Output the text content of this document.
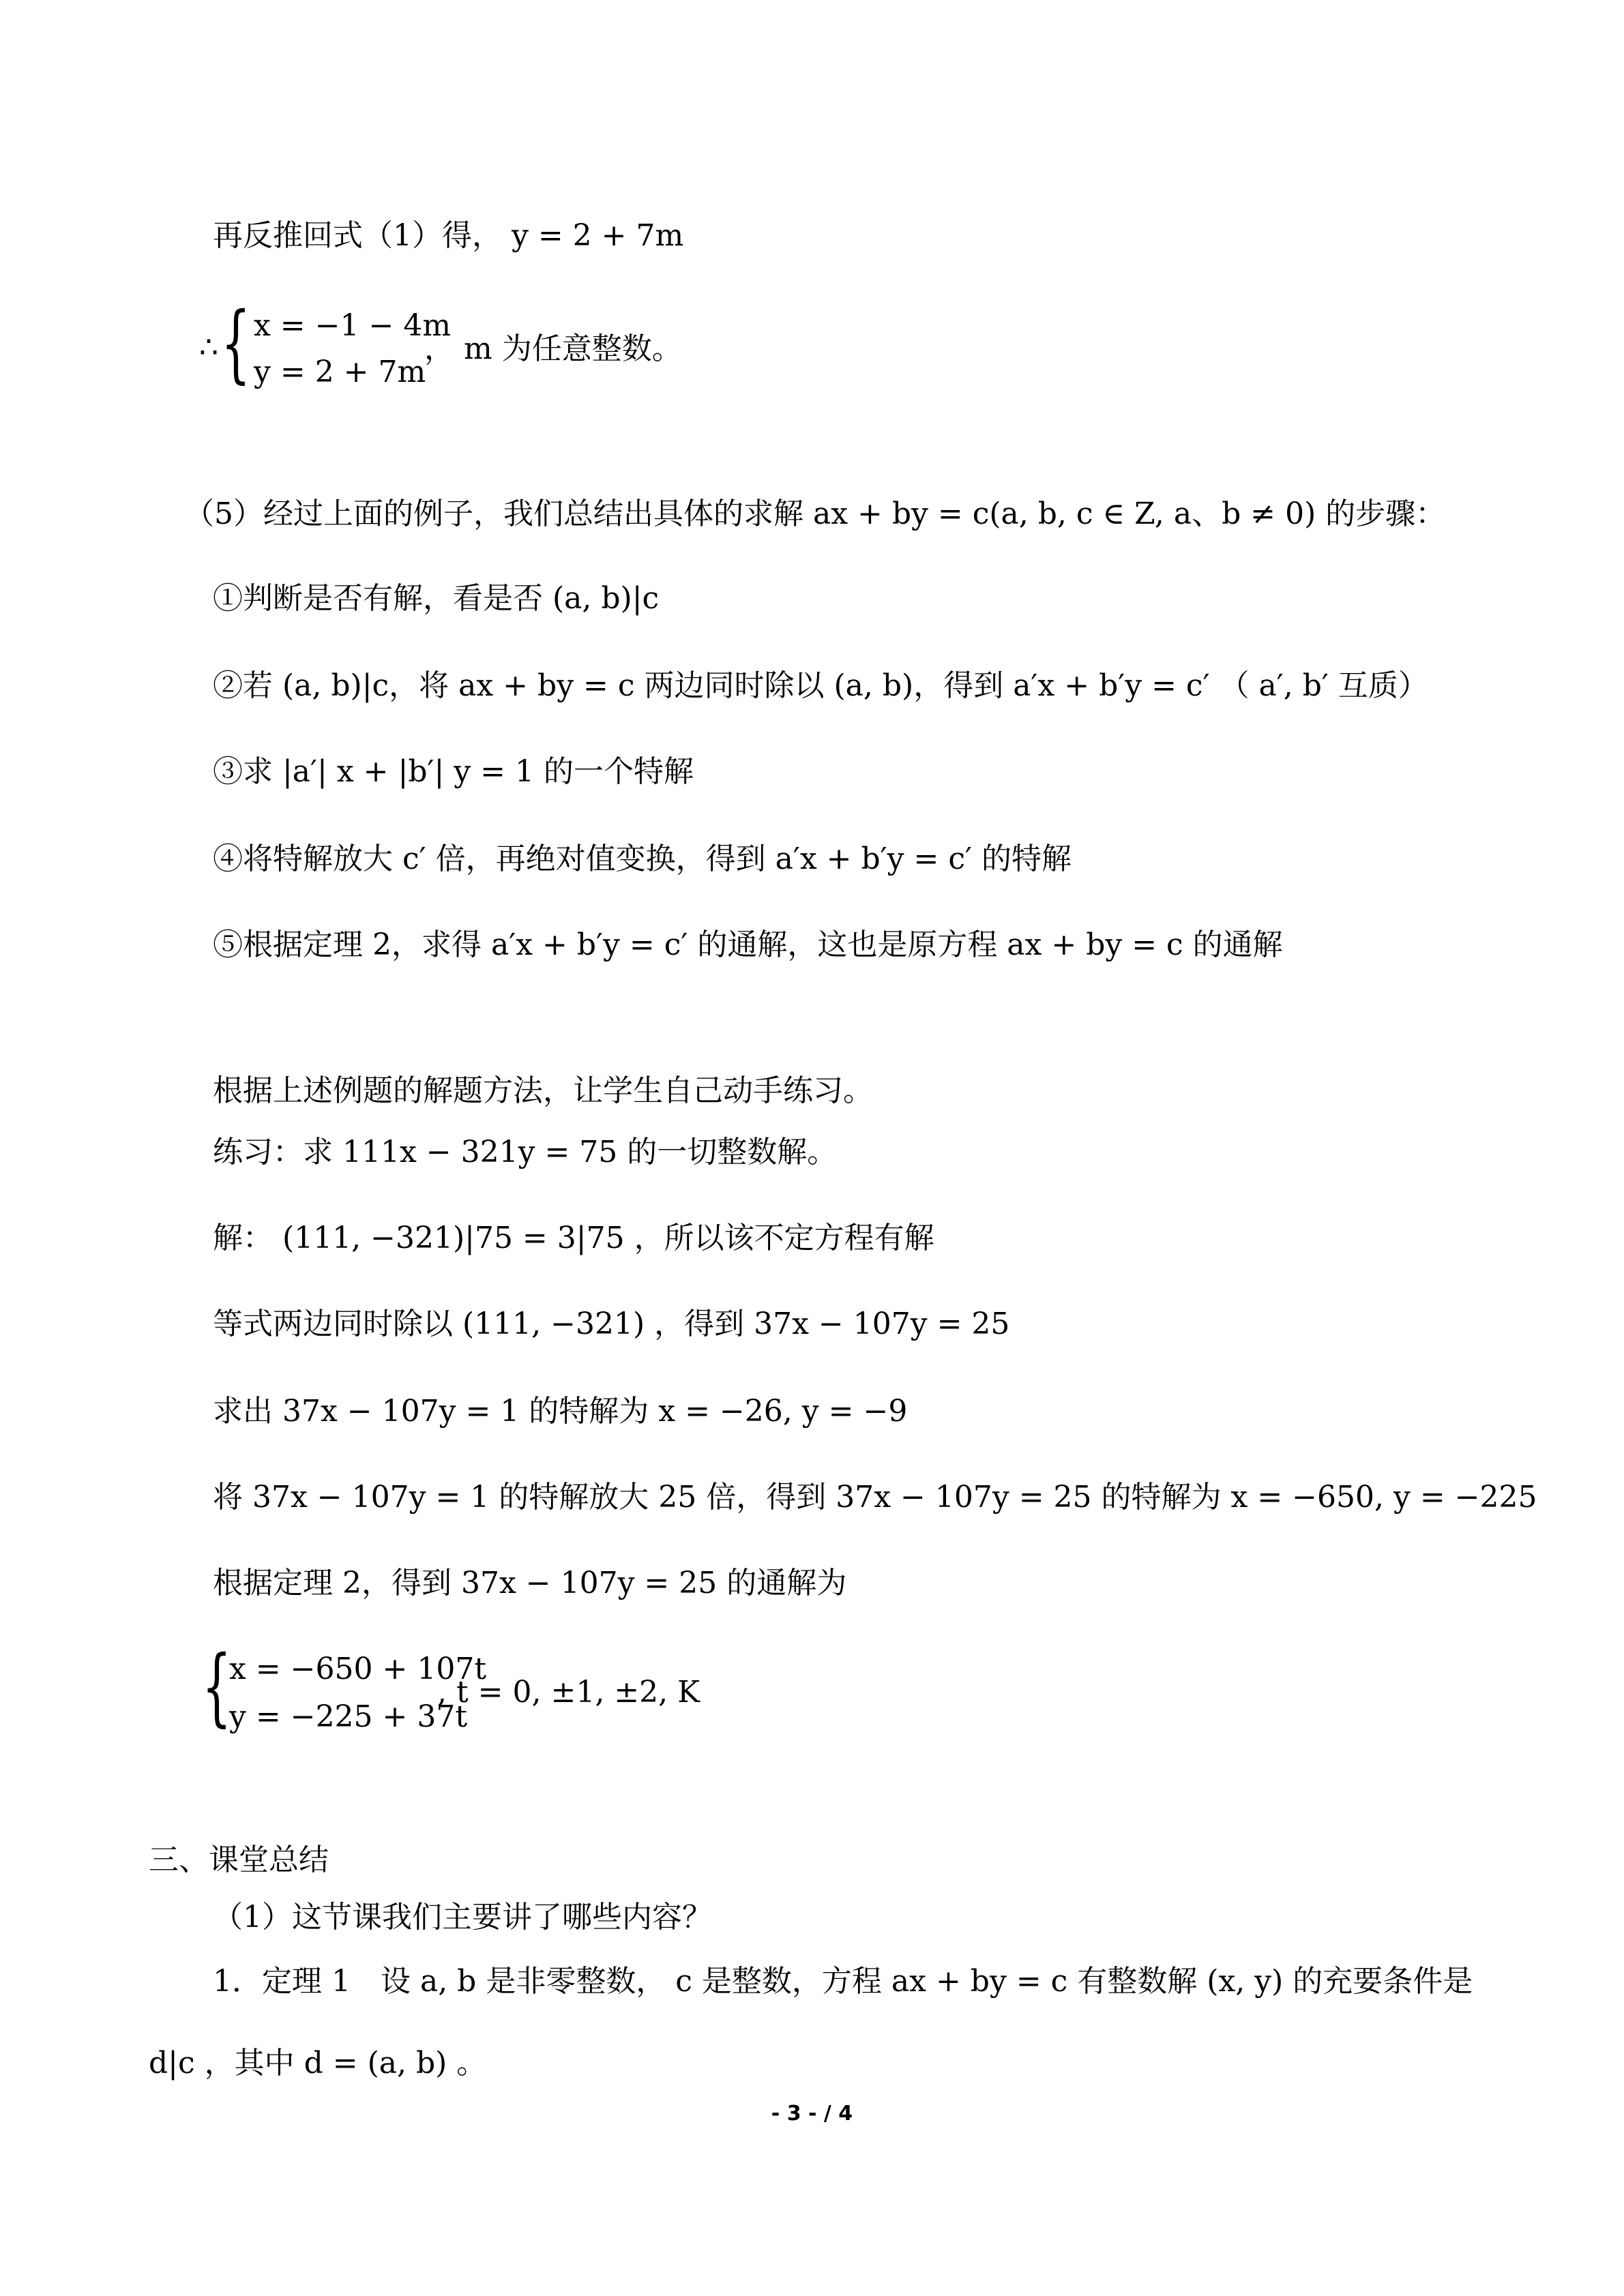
再反推回式（1）得， y = 2 + 7m
∴ { x = −1 − 4m
y = 2 + 7m
， m 为任意整数。
（5）经过上面的例子，我们总结出具体的求解 ax + by = c(a, b, c ∈ Z, a、b ≠ 0) 的步骤：
①判断是否有解，看是否 (a, b)|c
②若 (a, b)|c，将 ax + by = c 两边同时除以 (a, b)，得到 a′x + b′y = c′ （ a′, b′ 互质）
③求 |a′| x + |b′| y = 1 的一个特解
④将特解放大 c′ 倍，再绝对值变换，得到 a′x + b′y = c′ 的特解
⑤根据定理 2，求得 a′x + b′y = c′ 的通解，这也是原方程 ax + by = c 的通解
根据上述例题的解题方法，让学生自己动手练习。
练习：求 111x − 321y = 75 的一切整数解。
解： (111, −321)|75 = 3|75 ，所以该不定方程有解
等式两边同时除以 (111, −321) ，得到 37x − 107y = 25
求出 37x − 107y = 1 的特解为 x = −26, y = −9
将 37x − 107y = 1 的特解放大 25 倍，得到 37x − 107y = 25 的特解为 x = −650, y = −225
根据定理 2，得到 37x − 107y = 25 的通解为
{
x = −650 + 107t
y = −225 + 37t
, t = 0, ±1, ±2, K
三、课堂总结
（1）这节课我们主要讲了哪些内容？
1．定理 1　设 a, b 是非零整数， c 是整数，方程 ax + by = c 有整数解 (x, y) 的充要条件是
d|c ，其中 d = (a, b) 。
- 3 - / 4
